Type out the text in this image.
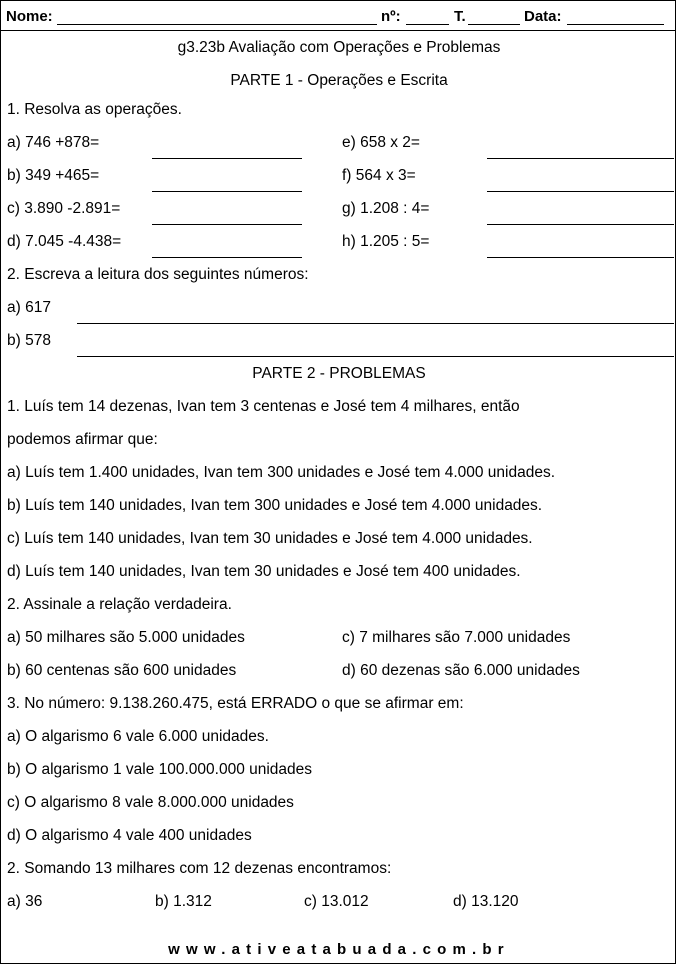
Nome:	nº:	T.	Data:
g3.23b Avaliação com Operações e Problemas
PARTE 1 - Operações e Escrita
1. Resolva as operações.
a) 746 +878=
b) 349 +465=
c) 3.890 -2.891=
d) 7.045 -4.438=
e) 658 x 2=
f) 564 x 3=
g) 1.208 : 4=
h) 1.205 : 5=
2. Escreva a leitura dos seguintes números:
a) 617
b) 578
PARTE 2 - PROBLEMAS
1. Luís tem 14 dezenas, Ivan tem 3 centenas e José tem 4 milhares, então
podemos afirmar que:
a) Luís tem 1.400 unidades, Ivan tem 300 unidades e José tem 4.000 unidades.
b) Luís tem 140 unidades, Ivan tem 300 unidades e José tem 4.000 unidades.
c) Luís tem 140 unidades, Ivan tem 30 unidades e José tem 4.000 unidades.
d) Luís tem 140 unidades, Ivan tem 30 unidades e José tem 400 unidades.
2. Assinale a relação verdadeira.
a) 50 milhares são 5.000 unidades	c) 7 milhares são 7.000 unidades
b) 60 centenas são 600 unidades	d) 60 dezenas são 6.000 unidades
3. No número: 9.138.260.475, está ERRADO o que se afirmar em:
a) O algarismo 6 vale 6.000 unidades.
b) O algarismo 1 vale 100.000.000 unidades
c) O algarismo 8 vale 8.000.000 unidades
d) O algarismo 4 vale 400 unidades
2. Somando 13 milhares com 12 dezenas encontramos:
a) 36	b) 1.312	c) 13.012	d) 13.120
www.ativeatabuada.com.br
